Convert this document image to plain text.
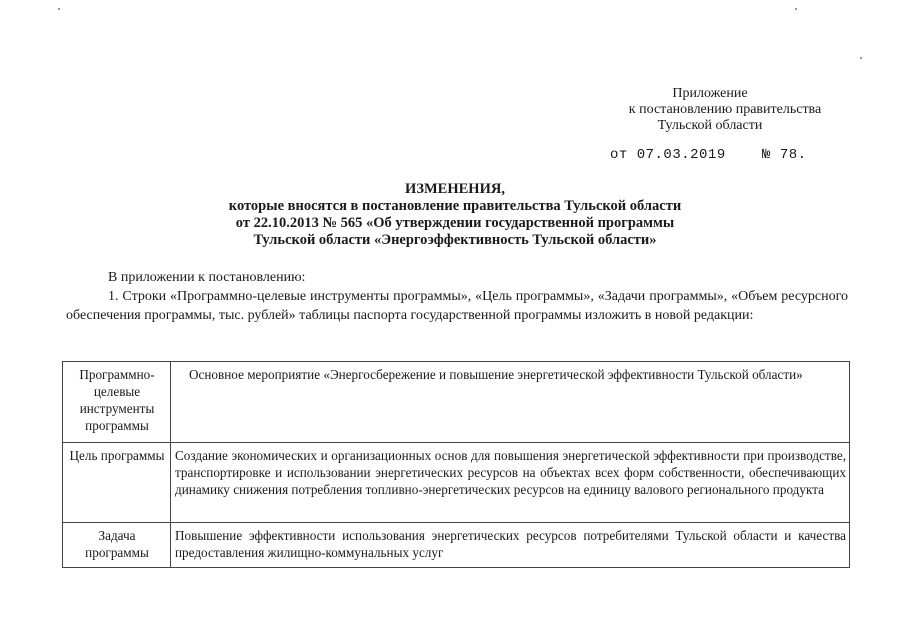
Приложение
к постановлению правительства
Тульской области
от 07.03.2019	№ 78.
ИЗМЕНЕНИЯ,
которые вносятся в постановление правительства Тульской области
от 22.10.2013 № 565 «Об утверждении государственной программы
Тульской области «Энергоэффективность Тульской области»

В приложении к постановлению:

1. Строки «Программно-целевые инструменты программы», «Цель программы», «Задачи программы», «Объем ресурсного обеспечения программы, тыс. рублей» таблицы паспорта государственной программы изложить в новой редакции:

Программно-целевые инструменты программы	Основное мероприятие «Энергосбережение и повышение энергетической эффективности Тульской области»
Цель программы	Создание экономических и организационных основ для повышения энергетической эффективности при производстве, транспортировке и использовании энергетических ресурсов на объектах всех форм собственности, обеспечивающих динамику снижения потребления топливно-энергетических ресурсов на единицу валового регионального продукта
Задача программы	Повышение эффективности использования энергетических ресурсов потребителями Тульской области и качества предоставления жилищно-коммунальных услуг
